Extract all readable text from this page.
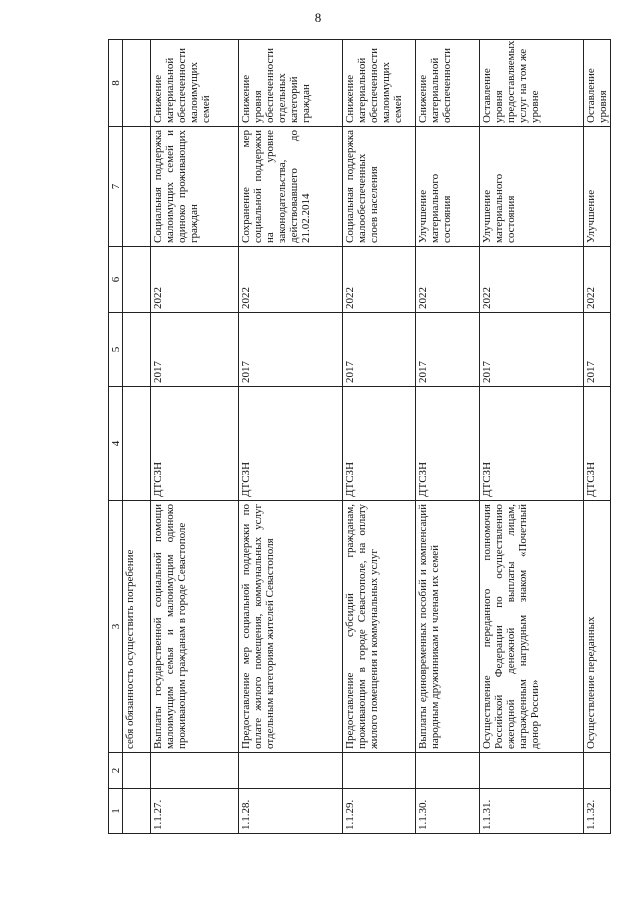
8
1	2	3	4	5	6	7	8
		себя обязанность осуществить погребение					
1.1.27.		Выплаты государственной социальной помощи малоимущим семья и малоимущим одиноко проживающим гражданам в городе Севастополе	ДТСЗН	2017	2022	Социальная поддержка малоимущих семей и одиноко проживающих граждан	Снижение материальной обеспеченности малоимущих семей
1.1.28.		Предоставление мер социальной поддержки по оплате жилого помещения, коммунальных услуг отдельным категориям жителей Севастополя	ДТСЗН	2017	2022	Сохранение мер социальной поддержки на уровне законодательства, действовавшего до 21.02.2014	Снижение уровня обеспеченности отдельных категорий граждан
1.1.29.		Предоставление субсидий гражданам, проживающим в городе Севастополе, на оплату жилого помещения и коммунальных услуг	ДТСЗН	2017	2022	Социальная поддержка малообеспеченных слоев населения	Снижение материальной обеспеченности малоимущих семей
1.1.30.		Выплаты единовременных пособий и компенсаций народным дружинникам и членам их семей	ДТСЗН	2017	2022	Улучшение материального состояния	Снижение материальной обеспеченности
1.1.31.		Осуществление переданного полномочия Российской Федерации по осуществлению ежегодной денежной выплаты лицам, награжденным нагрудным знаком «Почетный донор России»	ДТСЗН	2017	2022	Улучшение материального состояния	Оставление уровня предоставляемых услуг на том же уровне
1.1.32.		Осуществление переданных	ДТСЗН	2017	2022	Улучшение	Оставление уровня
